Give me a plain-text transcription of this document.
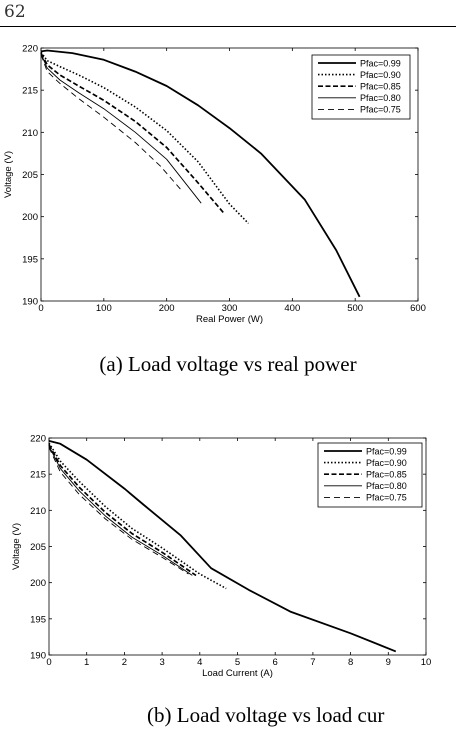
62
0	100	200	300	400	500	600
190
195
200
205
210
215
220
Real Power (W)
Voltage (V)
Pfac=0.99
Pfac=0.90
Pfac=0.85
Pfac=0.80
Pfac=0.75
(a) Load voltage vs real power
0	1	2	3	4	5	6	7	8	9	10
190
195
200
205
210
215
220
Load Current (A)
Voltage (V)
Pfac=0.99
Pfac=0.90
Pfac=0.85
Pfac=0.80
Pfac=0.75
(b) Load voltage vs load cur
